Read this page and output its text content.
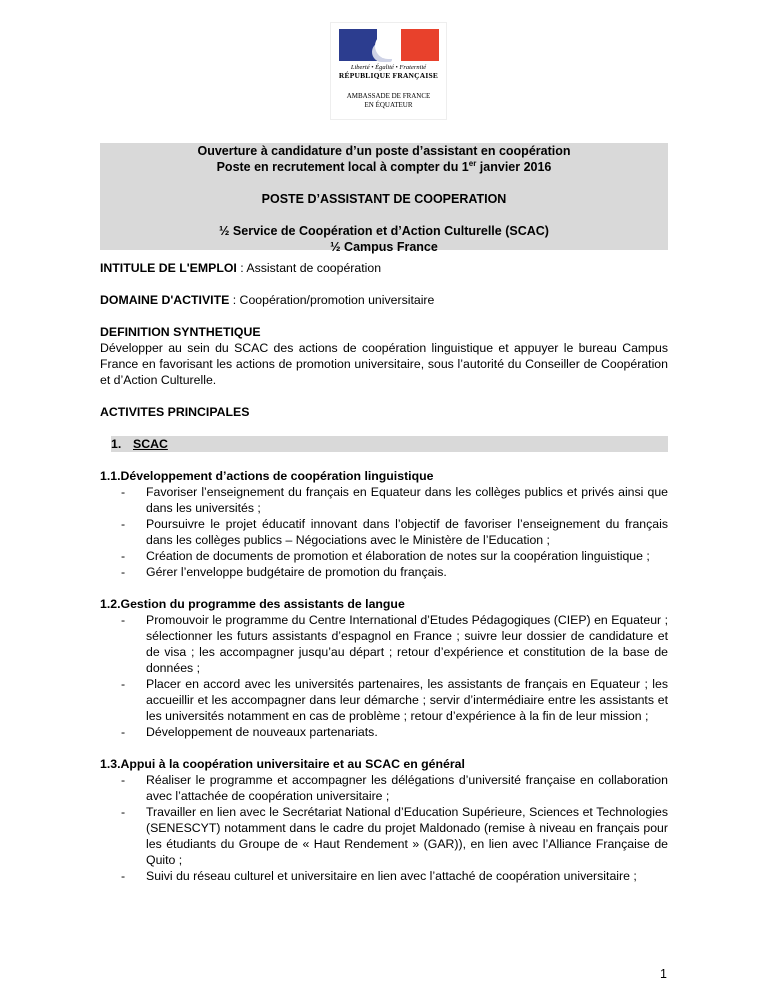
Liberté • Égalité • Fraternité
RÉPUBLIQUE FRANÇAISE
AMBASSADE DE FRANCE
EN ÉQUATEUR

Ouverture à candidature d’un poste d’assistant en coopération

Poste en recrutement local à compter du 1er janvier 2016

POSTE D’ASSISTANT DE COOPERATION

½ Service de Coopération et d’Action Culturelle (SCAC)

½ Campus France

INTITULE DE L'EMPLOI : Assistant de coopération

DOMAINE D'ACTIVITE : Coopération/promotion universitaire

DEFINITION SYNTHETIQUE

Développer au sein du SCAC des actions de coopération linguistique et appuyer le bureau Campus France en favorisant les actions de promotion universitaire, sous l’autorité du Conseiller de Coopération et d’Action Culturelle.

ACTIVITES PRINCIPALES

1. SCAC
1.1.Développement d’actions de coopération linguistique
- Favoriser l’enseignement du français en Equateur dans les collèges publics et privés ainsi que dans les universités ;
- Poursuivre le projet éducatif innovant dans l’objectif de favoriser l’enseignement du français dans les collèges publics – Négociations avec le Ministère de l’Education ;
- Création de documents de promotion et élaboration de notes sur la coopération linguistique ;
- Gérer l’enveloppe budgétaire de promotion du français.
1.2.Gestion du programme des assistants de langue
- Promouvoir le programme du Centre International d’Etudes Pédagogiques (CIEP) en Equateur ; sélectionner les futurs assistants d’espagnol en France ; suivre leur dossier de candidature et de visa ; les accompagner jusqu’au départ ; retour d’expérience et constitution de la base de données ;
- Placer en accord avec les universités partenaires, les assistants de français en Equateur ; les accueillir et les accompagner dans leur démarche ; servir d’intermédiaire entre les assistants et les universités notamment en cas de problème ; retour d’expérience à la fin de leur mission ;
- Développement de nouveaux partenariats.
1.3.Appui à la coopération universitaire et au SCAC en général
- Réaliser le programme et accompagner les délégations d’université française en collaboration avec l’attachée de coopération universitaire ;
- Travailler en lien avec le Secrétariat National d’Education Supérieure, Sciences et Technologies (SENESCYT) notamment dans le cadre du projet Maldonado (remise à niveau en français pour les étudiants du Groupe de « Haut Rendement » (GAR)), en lien avec l’Alliance Française de Quito ;
- Suivi du réseau culturel et universitaire en lien avec l’attaché de coopération universitaire ;
1
